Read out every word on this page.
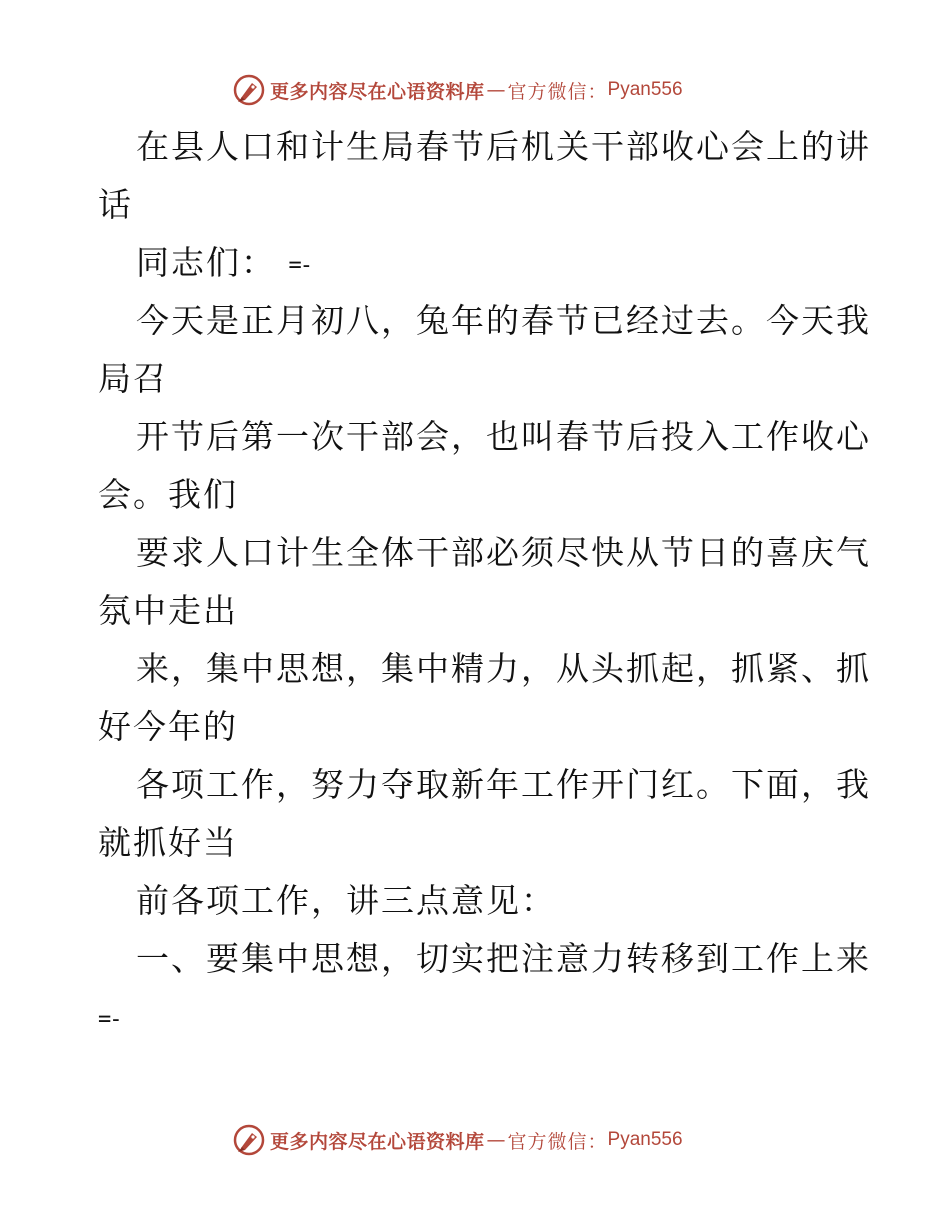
更多内容尽在心语资料库 — 官方微信： Pyan556
在县人口和计生局春节后机关干部收心会上的讲
话
同志们： =-
今天是正月初八，兔年的春节已经过去。今天我
局召
开节后第一次干部会，也叫春节后投入工作收心
会。我们
要求人口计生全体干部必须尽快从节日的喜庆气
氛中走出
来，集中思想，集中精力，从头抓起，抓紧、抓
好今年的
各项工作，努力夺取新年工作开门红。下面，我
就抓好当
前各项工作，讲三点意见：
一、要集中思想，切实把注意力转移到工作上来
=-
更多内容尽在心语资料库 — 官方微信： Pyan556
